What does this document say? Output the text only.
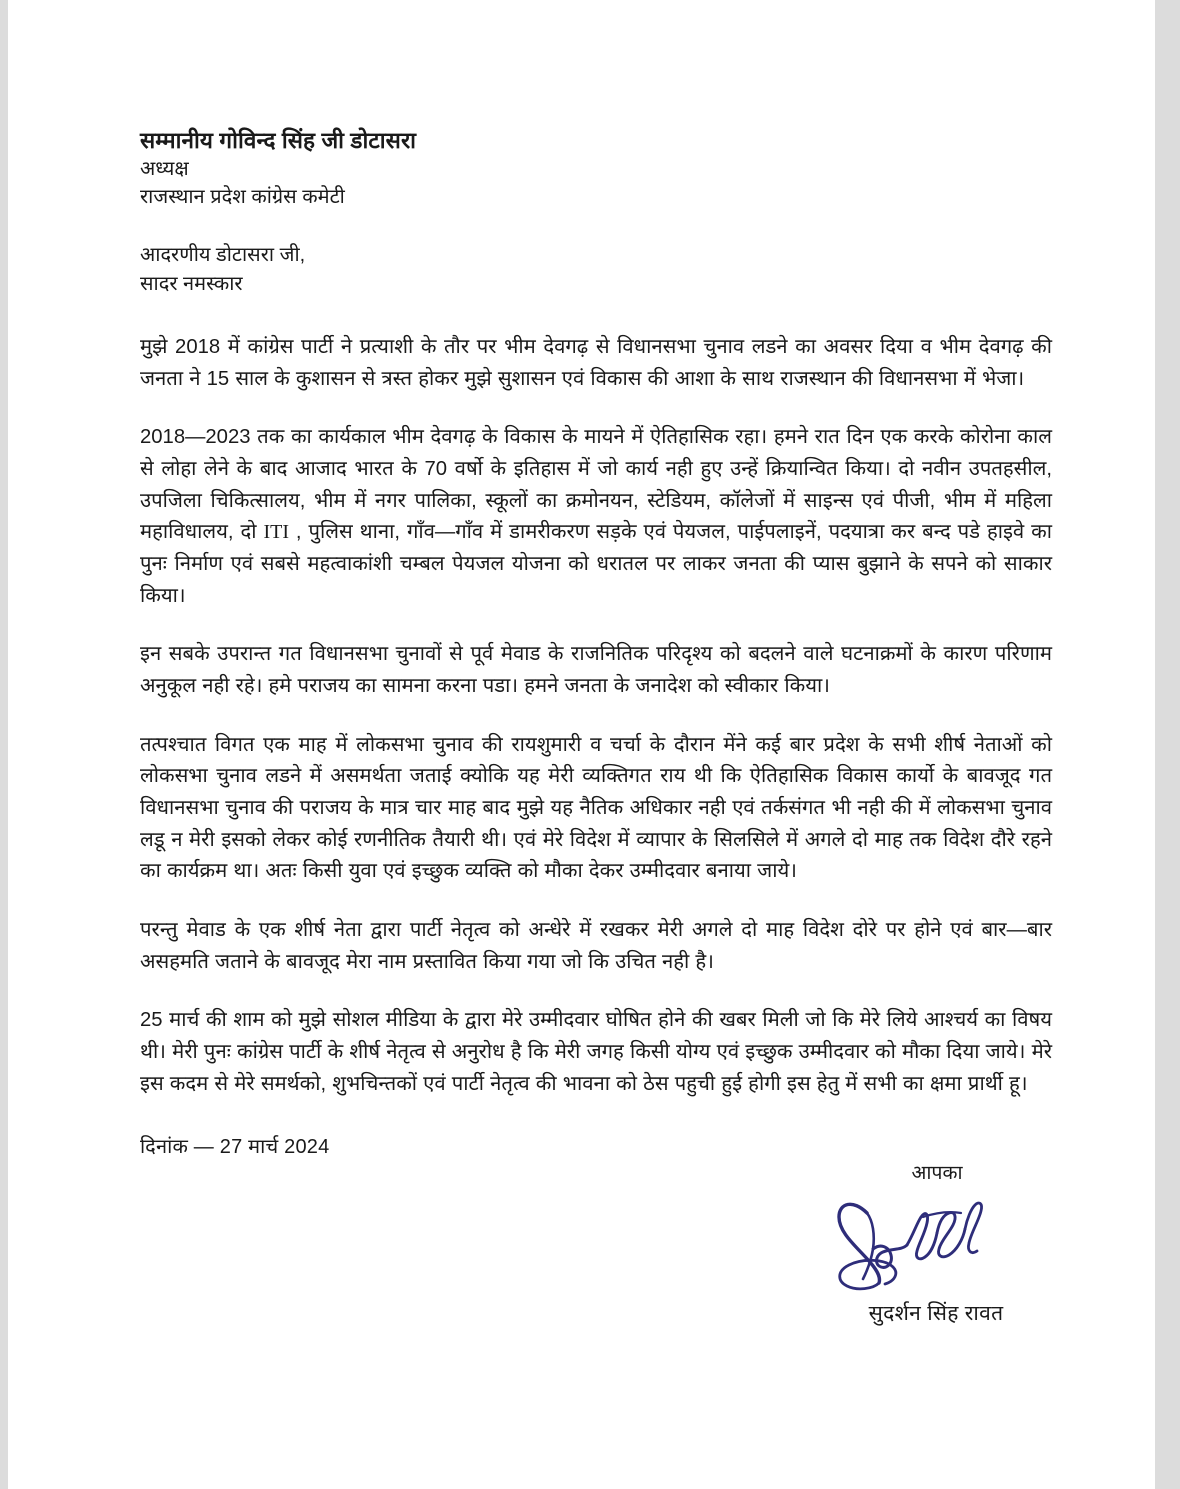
सम्मानीय गोविन्द सिंह जी डोटासरा

अध्यक्ष

राजस्थान प्रदेश कांग्रेस कमेटी

आदरणीय डोटासरा जी,

सादर नमस्कार

मुझे 2018 में कांग्रेस पार्टी ने प्रत्याशी के तौर पर भीम देवगढ़ से विधानसभा चुनाव लडने का अवसर दिया व भीम देवगढ़ की जनता ने 15 साल के कुशासन से त्रस्त होकर मुझे सुशासन एवं विकास की आशा के साथ राजस्थान की विधानसभा में भेजा।

2018—2023 तक का कार्यकाल भीम देवगढ़ के विकास के मायने में ऐतिहासिक रहा। हमने रात दिन एक करके कोरोना काल से लोहा लेने के बाद आजाद भारत के 70 वर्षो के इतिहास में जो कार्य नही हुए उन्हें क्रियान्वित किया। दो नवीन उपतहसील, उपजिला चिकित्सालय, भीम में नगर पालिका, स्कूलों का क्रमोनयन, स्टेडियम, कॉलेजों में साइन्स एवं पीजी, भीम में महिला महाविधालय, दो ITI , पुलिस थाना, गाँव—गाँव में डामरीकरण सड़के एवं पेयजल, पाईपलाइनें, पदयात्रा कर बन्द पडे हाइवे का पुनः निर्माण एवं सबसे महत्वाकांशी चम्बल पेयजल योजना को धरातल पर लाकर जनता की प्यास बुझाने के सपने को साकार किया।

इन सबके उपरान्त गत विधानसभा चुनावों से पूर्व मेवाड के राजनितिक परिदृश्य को बदलने वाले घटनाक्रमों के कारण परिणाम अनुकूल नही रहे। हमे पराजय का सामना करना पडा। हमने जनता के जनादेश को स्वीकार किया।

तत्पश्चात विगत एक माह में लोकसभा चुनाव की रायशुमारी व चर्चा के दौरान मेंने कई बार प्रदेश के सभी शीर्ष नेताओं को लोकसभा चुनाव लडने में असमर्थता जताई क्योकि यह मेरी व्यक्तिगत राय थी कि ऐतिहासिक विकास कार्यो के बावजूद गत विधानसभा चुनाव की पराजय के मात्र चार माह बाद मुझे यह नैतिक अधिकार नही एवं तर्कसंगत भी नही की में लोकसभा चुनाव लडू न मेरी इसको लेकर कोई रणनीतिक तैयारी थी। एवं मेरे विदेश में व्यापार के सिलसिले में अगले दो माह तक विदेश दौरे रहने का कार्यक्रम था। अतः किसी युवा एवं इच्छुक व्यक्ति को मौका देकर उम्मीदवार बनाया जाये।

परन्तु मेवाड के एक शीर्ष नेता द्वारा पार्टी नेतृत्व को अन्धेरे में रखकर मेरी अगले दो माह विदेश दोरे पर होने एवं बार—बार असहमति जताने के बावजूद मेरा नाम प्रस्तावित किया गया जो कि उचित नही है।

25 मार्च की शाम को मुझे सोशल मीडिया के द्वारा मेरे उम्मीदवार घोषित होने की खबर मिली जो कि मेरे लिये आश्चर्य का विषय थी। मेरी पुनः कांग्रेस पार्टी के शीर्ष नेतृत्व से अनुरोध है कि मेरी जगह किसी योग्य एवं इच्छुक उम्मीदवार को मौका दिया जाये। मेरे इस कदम से मेरे समर्थको, शुभचिन्तकों एवं पार्टी नेतृत्व की भावना को ठेस पहुची हुई होगी इस हेतु में सभी का क्षमा प्रार्थी हू।

दिनांक — 27 मार्च 2024

आपका

सुदर्शन सिंह रावत
